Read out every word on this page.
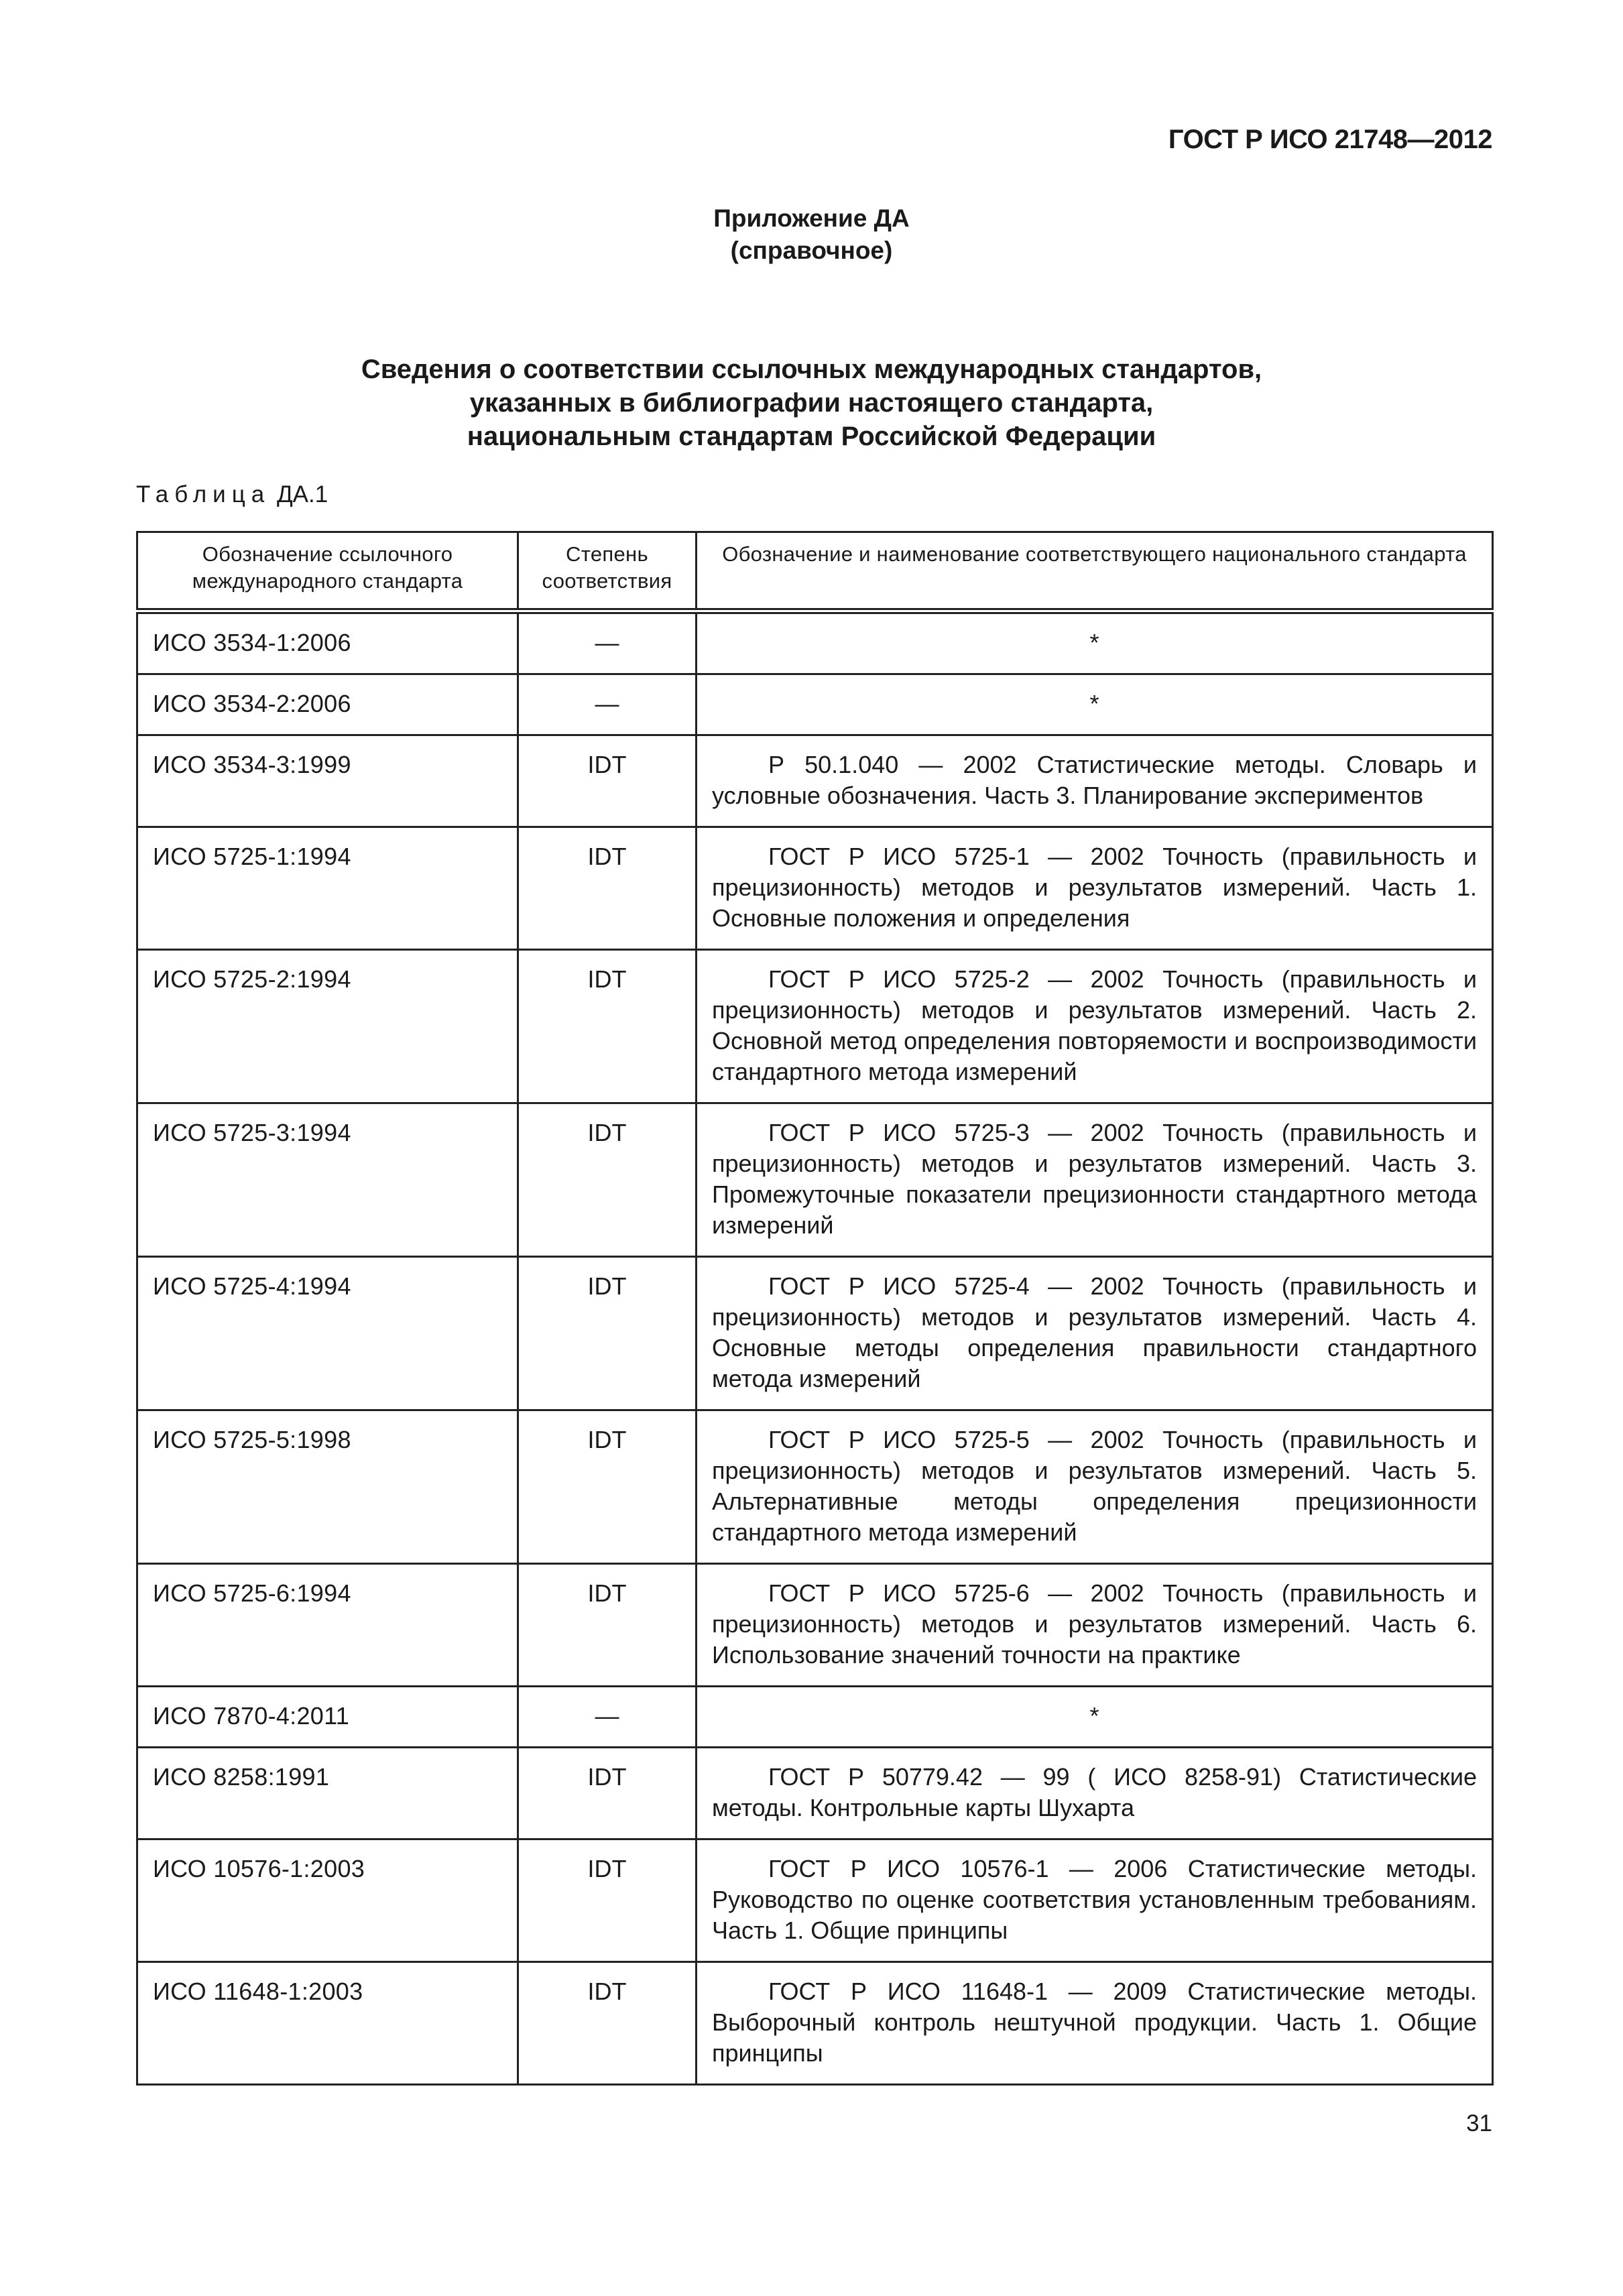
ГОСТ Р ИСО 21748—2012
Приложение ДА
(справочное)
Сведения о соответствии ссылочных международных стандартов,
указанных в библиографии настоящего стандарта,
национальным стандартам Российской Федерации
Таблица ДА.1
Обозначение ссылочного международного стандарта	Степень соответствия	Обозначение и наименование соответствующего национального стандарта
ИСО 3534-1:2006	—	*
ИСО 3534-2:2006	—	*
ИСО 3534-3:1999	IDT	Р 50.1.040 — 2002 Статистические методы. Словарь и условные обозначения. Часть 3. Планирование экспериментов
ИСО 5725-1:1994	IDT	ГОСТ Р ИСО 5725-1 — 2002 Точность (правильность и прецизионность) методов и результатов измерений. Часть 1. Основные положения и определения
ИСО 5725-2:1994	IDT	ГОСТ Р ИСО 5725-2 — 2002 Точность (правильность и прецизионность) методов и результатов измерений. Часть 2. Основной метод определения повторяемости и воспроизводимости стандартного метода измерений
ИСО 5725-3:1994	IDT	ГОСТ Р ИСО 5725-3 — 2002 Точность (правильность и прецизионность) методов и результатов измерений. Часть 3. Промежуточные показатели прецизионности стандартного метода измерений
ИСО 5725-4:1994	IDT	ГОСТ Р ИСО 5725-4 — 2002 Точность (правильность и прецизионность) методов и результатов измерений. Часть 4. Основные методы определения правильности стандартного метода измерений
ИСО 5725-5:1998	IDT	ГОСТ Р ИСО 5725-5 — 2002 Точность (правильность и прецизионность) методов и результатов измерений. Часть 5. Альтернативные методы определения прецизионности стандартного метода измерений
ИСО 5725-6:1994	IDT	ГОСТ Р ИСО 5725-6 — 2002 Точность (правильность и прецизионность) методов и результатов измерений. Часть 6. Использование значений точности на практике
ИСО 7870-4:2011	—	*
ИСО 8258:1991	IDT	ГОСТ Р 50779.42 — 99 ( ИСО 8258-91) Статистические методы. Контрольные карты Шухарта
ИСО 10576-1:2003	IDT	ГОСТ Р ИСО 10576-1 — 2006 Статистические методы. Руководство по оценке соответствия установленным требованиям. Часть 1. Общие принципы
ИСО 11648-1:2003	IDT	ГОСТ Р ИСО 11648-1 — 2009 Статистические методы. Выборочный контроль нештучной продукции. Часть 1. Общие принципы
31
